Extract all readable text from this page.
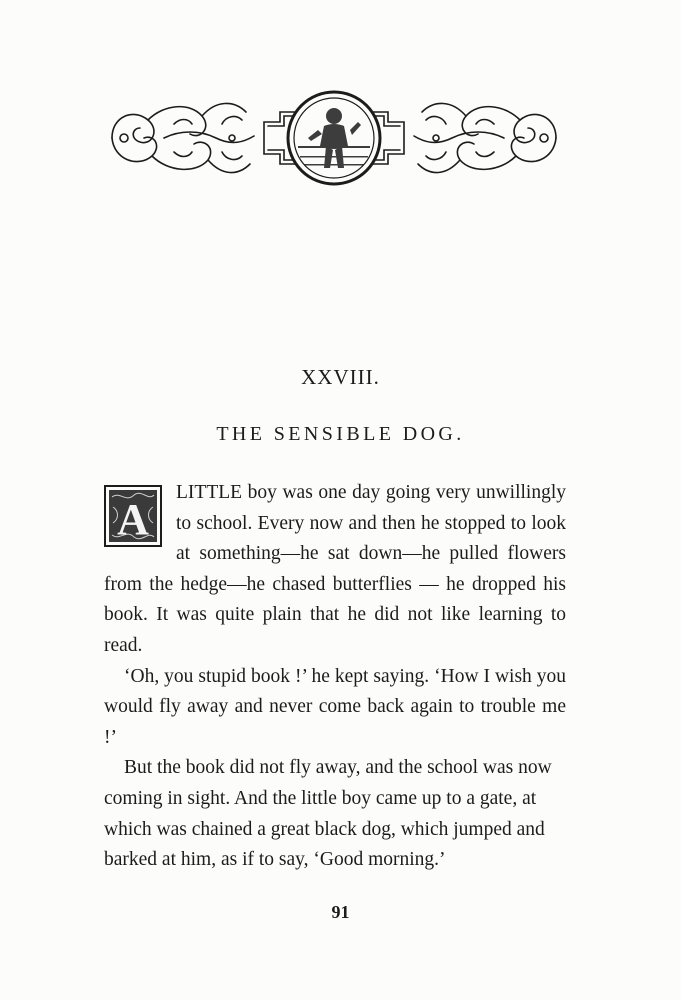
XXVIII.
THE SENSIBLE DOG.
A

LITTLE boy was one day going very unwillingly to school. Every now and then he stopped to look at something—he sat down—he pulled flowers from the hedge—he chased butterflies — he dropped his book. It was quite plain that he did not like learning to read.

‘Oh, you stupid book !’ he kept saying. ‘How I wish you would fly away and never come back again to trouble me !’

But the book did not fly away, and the school was now coming in sight. And the little boy came up to a gate, at which was chained a great black dog, which jumped and barked at him, as if to say, ‘Good morning.’

91
